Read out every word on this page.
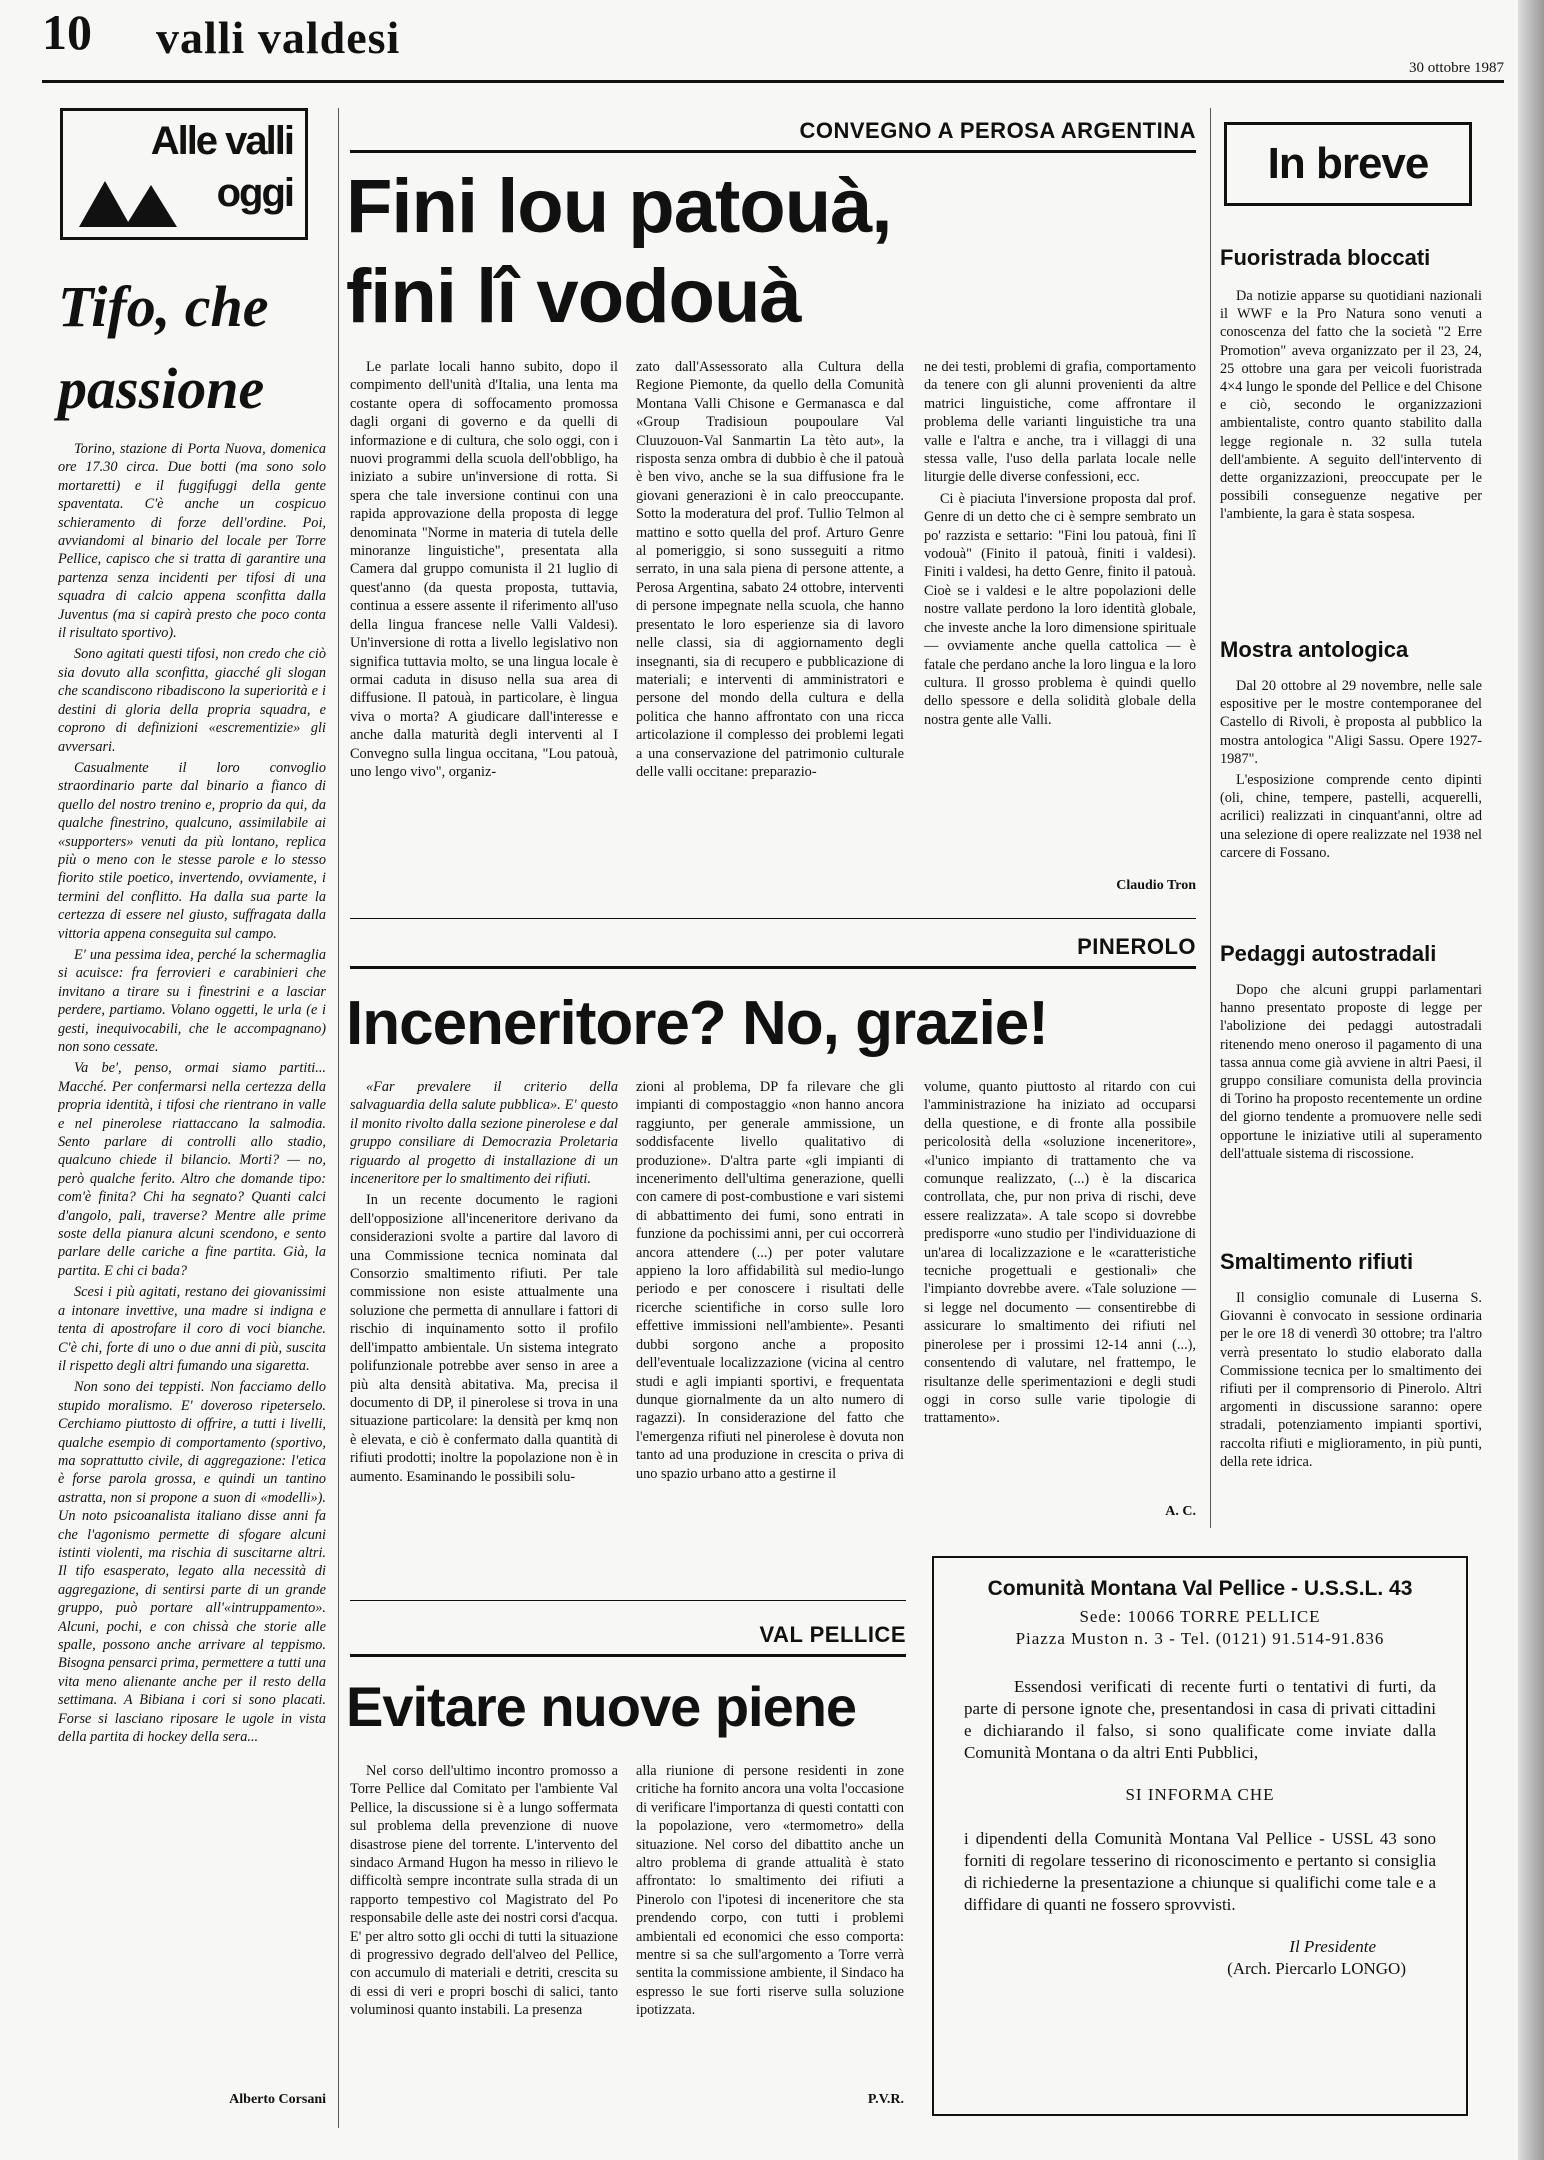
10 valli valdesi
30 ottobre 1987
Alle valli
oggi
Tifo, che passione

Torino, stazione di Porta Nuova, domenica ore 17.30 circa. Due botti (ma sono solo mortaretti) e il fuggifuggi della gente spaventata. C'è anche un cospicuo schieramento di forze dell'ordine. Poi, avviandomi al binario del locale per Torre Pellice, capisco che si tratta di garantire una partenza senza incidenti per tifosi di una squadra di calcio appena sconfitta dalla Juventus (ma si capirà presto che poco conta il risultato sportivo).

Sono agitati questi tifosi, non credo che ciò sia dovuto alla sconfitta, giacché gli slogan che scandiscono ribadiscono la superiorità e i destini di gloria della propria squadra, e coprono di definizioni «escrementizie» gli avversari.

Casualmente il loro convoglio straordinario parte dal binario a fianco di quello del nostro trenino e, proprio da qui, da qualche finestrino, qualcuno, assimilabile ai «supporters» venuti da più lontano, replica più o meno con le stesse parole e lo stesso fiorito stile poetico, invertendo, ovviamente, i termini del conflitto. Ha dalla sua parte la certezza di essere nel giusto, suffragata dalla vittoria appena conseguita sul campo.

E' una pessima idea, perché la schermaglia si acuisce: fra ferrovieri e carabinieri che invitano a tirare su i finestrini e a lasciar perdere, partiamo. Volano oggetti, le urla (e i gesti, inequivocabili, che le accompagnano) non sono cessate.

Va be', penso, ormai siamo partiti... Macché. Per confermarsi nella certezza della propria identità, i tifosi che rientrano in valle e nel pinerolese riattaccano la salmodia. Sento parlare di controlli allo stadio, qualcuno chiede il bilancio. Morti? — no, però qualche ferito. Altro che domande tipo: com'è finita? Chi ha segnato? Quanti calci d'angolo, pali, traverse? Mentre alle prime soste della pianura alcuni scendono, e sento parlare delle cariche a fine partita. Già, la partita. E chi ci bada?

Scesi i più agitati, restano dei giovanissimi a intonare invettive, una madre si indigna e tenta di apostrofare il coro di voci bianche. C'è chi, forte di uno o due anni di più, suscita il rispetto degli altri fumando una sigaretta.

Non sono dei teppisti. Non facciamo dello stupido moralismo. E' doveroso ripeterselo. Cerchiamo piuttosto di offrire, a tutti i livelli, qualche esempio di comportamento (sportivo, ma soprattutto civile, di aggregazione: l'etica è forse parola grossa, e quindi un tantino astratta, non si propone a suon di «modelli»). Un noto psicoanalista italiano disse anni fa che l'agonismo permette di sfogare alcuni istinti violenti, ma rischia di suscitarne altri. Il tifo esasperato, legato alla necessità di aggregazione, di sentirsi parte di un grande gruppo, può portare all'«intruppamento». Alcuni, pochi, e con chissà che storie alle spalle, possono anche arrivare al teppismo. Bisogna pensarci prima, permettere a tutti una vita meno alienante anche per il resto della settimana. A Bibiana i cori si sono placati. Forse si lasciano riposare le ugole in vista della partita di hockey della sera...

Alberto Corsani
CONVEGNO A PEROSA ARGENTINA
Fini lou patouà,
fini lî vodouà

Le parlate locali hanno subito, dopo il compimento dell'unità d'Italia, una lenta ma costante opera di soffocamento promossa dagli organi di governo e da quelli di informazione e di cultura, che solo oggi, con i nuovi programmi della scuola dell'obbligo, ha iniziato a subire un'inversione di rotta. Si spera che tale inversione continui con una rapida approvazione della proposta di legge denominata "Norme in materia di tutela delle minoranze linguistiche", presentata alla Camera dal gruppo comunista il 21 luglio di quest'anno (da questa proposta, tuttavia, continua a essere assente il riferimento all'uso della lingua francese nelle Valli Valdesi). Un'inversione di rotta a livello legislativo non significa tuttavia molto, se una lingua locale è ormai caduta in disuso nella sua area di diffusione. Il patouà, in particolare, è lingua viva o morta? A giudicare dall'interesse e anche dalla maturità degli interventi al I Convegno sulla lingua occitana, "Lou patouà, uno lengo vivo", organiz-

zato dall'Assessorato alla Cultura della Regione Piemonte, da quello della Comunità Montana Valli Chisone e Germanasca e dal «Group Tradisioun poupoulare Val Cluuzouon-Val Sanmartin La tèto aut», la risposta senza ombra di dubbio è che il patouà è ben vivo, anche se la sua diffusione fra le giovani generazioni è in calo preoccupante. Sotto la moderatura del prof. Tullio Telmon al mattino e sotto quella del prof. Arturo Genre al pomeriggio, si sono susseguiti a ritmo serrato, in una sala piena di persone attente, a Perosa Argentina, sabato 24 ottobre, interventi di persone impegnate nella scuola, che hanno presentato le loro esperienze sia di lavoro nelle classi, sia di aggiornamento degli insegnanti, sia di recupero e pubblicazione di materiali; e interventi di amministratori e persone del mondo della cultura e della politica che hanno affrontato con una ricca articolazione il complesso dei problemi legati a una conservazione del patrimonio culturale delle valli occitane: preparazio-

ne dei testi, problemi di grafia, comportamento da tenere con gli alunni provenienti da altre matrici linguistiche, come affrontare il problema delle varianti linguistiche tra una valle e l'altra e anche, tra i villaggi di una stessa valle, l'uso della parlata locale nelle liturgie delle diverse confessioni, ecc.

Ci è piaciuta l'inversione proposta dal prof. Genre di un detto che ci è sempre sembrato un po' razzista e settario: "Fini lou patouà, fini lî vodouà" (Finito il patouà, finiti i valdesi). Finiti i valdesi, ha detto Genre, finito il patouà. Cioè se i valdesi e le altre popolazioni delle nostre vallate perdono la loro identità globale, che investe anche la loro dimensione spirituale — ovviamente anche quella cattolica — è fatale che perdano anche la loro lingua e la loro cultura. Il grosso problema è quindi quello dello spessore e della solidità globale della nostra gente alle Valli.

Claudio Tron
PINEROLO
Inceneritore? No, grazie!

«Far prevalere il criterio della salvaguardia della salute pubblica». E' questo il monito rivolto dalla sezione pinerolese e dal gruppo consiliare di Democrazia Proletaria riguardo al progetto di installazione di un inceneritore per lo smaltimento dei rifiuti.

In un recente documento le ragioni dell'opposizione all'inceneritore derivano da considerazioni svolte a partire dal lavoro di una Commissione tecnica nominata dal Consorzio smaltimento rifiuti. Per tale commissione non esiste attualmente una soluzione che permetta di annullare i fattori di rischio di inquinamento sotto il profilo dell'impatto ambientale. Un sistema integrato polifunzionale potrebbe aver senso in aree a più alta densità abitativa. Ma, precisa il documento di DP, il pinerolese si trova in una situazione particolare: la densità per kmq non è elevata, e ciò è confermato dalla quantità di rifiuti prodotti; inoltre la popolazione non è in aumento. Esaminando le possibili solu-

zioni al problema, DP fa rilevare che gli impianti di compostaggio «non hanno ancora raggiunto, per generale ammissione, un soddisfacente livello qualitativo di produzione». D'altra parte «gli impianti di incenerimento dell'ultima generazione, quelli con camere di post-combustione e vari sistemi di abbattimento dei fumi, sono entrati in funzione da pochissimi anni, per cui occorrerà ancora attendere (...) per poter valutare appieno la loro affidabilità sul medio-lungo periodo e per conoscere i risultati delle ricerche scientifiche in corso sulle loro effettive immissioni nell'ambiente». Pesanti dubbi sorgono anche a proposito dell'eventuale localizzazione (vicina al centro studi e agli impianti sportivi, e frequentata dunque giornalmente da un alto numero di ragazzi). In considerazione del fatto che l'emergenza rifiuti nel pinerolese è dovuta non tanto ad una produzione in crescita o priva di uno spazio urbano atto a gestirne il

volume, quanto piuttosto al ritardo con cui l'amministrazione ha iniziato ad occuparsi della questione, e di fronte alla possibile pericolosità della «soluzione inceneritore», «l'unico impianto di trattamento che va comunque realizzato, (...) è la discarica controllata, che, pur non priva di rischi, deve essere realizzata». A tale scopo si dovrebbe predisporre «uno studio per l'individuazione di un'area di localizzazione e le «caratteristiche tecniche progettuali e gestionali» che l'impianto dovrebbe avere. «Tale soluzione — si legge nel documento — consentirebbe di assicurare lo smaltimento dei rifiuti nel pinerolese per i prossimi 12-14 anni (...), consentendo di valutare, nel frattempo, le risultanze delle sperimentazioni e degli studi oggi in corso sulle varie tipologie di trattamento».

A. C.
VAL PELLICE
Evitare nuove piene

Nel corso dell'ultimo incontro promosso a Torre Pellice dal Comitato per l'ambiente Val Pellice, la discussione si è a lungo soffermata sul problema della prevenzione di nuove disastrose piene del torrente. L'intervento del sindaco Armand Hugon ha messo in rilievo le difficoltà sempre incontrate sulla strada di un rapporto tempestivo col Magistrato del Po responsabile delle aste dei nostri corsi d'acqua. E' per altro sotto gli occhi di tutti la situazione di progressivo degrado dell'alveo del Pellice, con accumulo di materiali e detriti, crescita su di essi di veri e propri boschi di salici, tanto voluminosi quanto instabili. La presenza

alla riunione di persone residenti in zone critiche ha fornito ancora una volta l'occasione di verificare l'importanza di questi contatti con la popolazione, vero «termometro» della situazione. Nel corso del dibattito anche un altro problema di grande attualità è stato affrontato: lo smaltimento dei rifiuti a Pinerolo con l'ipotesi di inceneritore che sta prendendo corpo, con tutti i problemi ambientali ed economici che esso comporta: mentre si sa che sull'argomento a Torre verrà sentita la commissione ambiente, il Sindaco ha espresso le sue forti riserve sulla soluzione ipotizzata.

P.V.R.
In breve
Fuoristrada bloccati

Da notizie apparse su quotidiani nazionali il WWF e la Pro Natura sono venuti a conoscenza del fatto che la società "2 Erre Promotion" aveva organizzato per il 23, 24, 25 ottobre una gara per veicoli fuoristrada 4×4 lungo le sponde del Pellice e del Chisone e ciò, secondo le organizzazioni ambientaliste, contro quanto stabilito dalla legge regionale n. 32 sulla tutela dell'ambiente. A seguito dell'intervento di dette organizzazioni, preoccupate per le possibili conseguenze negative per l'ambiente, la gara è stata sospesa.

Mostra antologica

Dal 20 ottobre al 29 novembre, nelle sale espositive per le mostre contemporanee del Castello di Rivoli, è proposta al pubblico la mostra antologica "Aligi Sassu. Opere 1927-1987".

L'esposizione comprende cento dipinti (oli, chine, tempere, pastelli, acquerelli, acrilici) realizzati in cinquant'anni, oltre ad una selezione di opere realizzate nel 1938 nel carcere di Fossano.

Pedaggi autostradali

Dopo che alcuni gruppi parlamentari hanno presentato proposte di legge per l'abolizione dei pedaggi autostradali ritenendo meno oneroso il pagamento di una tassa annua come già avviene in altri Paesi, il gruppo consiliare comunista della provincia di Torino ha proposto recentemente un ordine del giorno tendente a promuovere nelle sedi opportune le iniziative utili al superamento dell'attuale sistema di riscossione.

Smaltimento rifiuti

Il consiglio comunale di Luserna S. Giovanni è convocato in sessione ordinaria per le ore 18 di venerdì 30 ottobre; tra l'altro verrà presentato lo studio elaborato dalla Commissione tecnica per lo smaltimento dei rifiuti per il comprensorio di Pinerolo. Altri argomenti in discussione saranno: opere stradali, potenziamento impianti sportivi, raccolta rifiuti e miglioramento, in più punti, della rete idrica.

Comunità Montana Val Pellice - U.S.S.L. 43
Sede: 10066 TORRE PELLICE
Piazza Muston n. 3 - Tel. (0121) 91.514-91.836

Essendosi verificati di recente furti o tentativi di furti, da parte di persone ignote che, presentandosi in casa di privati cittadini e dichiarando il falso, si sono qualificate come inviate dalla Comunità Montana o da altri Enti Pubblici,

SI INFORMA CHE

i dipendenti della Comunità Montana Val Pellice - USSL 43 sono forniti di regolare tesserino di riconoscimento e pertanto si consiglia di richiederne la presentazione a chiunque si qualifichi come tale e a diffidare di quanti ne fossero sprovvisti.

Il Presidente
(Arch. Piercarlo LONGO)
